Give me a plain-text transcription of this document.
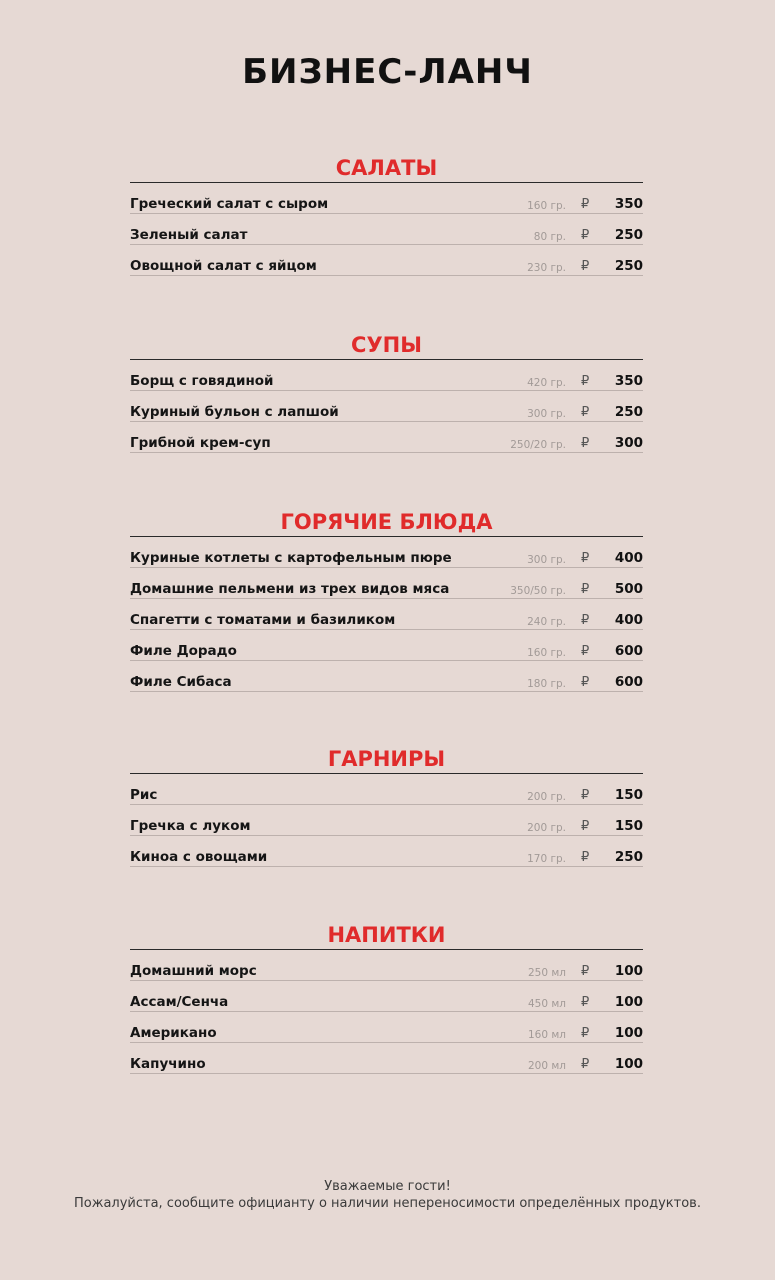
БИЗНЕС-ЛАНЧ
САЛАТЫ
Греческий салат с сыром	160 гр. ₽ 350
Зеленый салат	80 гр. ₽ 250
Овощной салат с яйцом	230 гр. ₽ 250
СУПЫ
Борщ с говядиной	420 гр. ₽ 350
Куриный бульон с лапшой	300 гр. ₽ 250
Грибной крем-суп	250/20 гр. ₽ 300
ГОРЯЧИЕ БЛЮДА
Куриные котлеты с картофельным пюре	300 гр. ₽ 400
Домашние пельмени из трех видов мяса	350/50 гр. ₽ 500
Спагетти с томатами и базиликом	240 гр. ₽ 400
Филе Дорадо	160 гр. ₽ 600
Филе Сибаса	180 гр. ₽ 600
ГАРНИРЫ
Рис	200 гр. ₽ 150
Гречка с луком	200 гр. ₽ 150
Киноа с овощами	170 гр. ₽ 250
НАПИТКИ
Домашний морс	250 мл ₽ 100
Ассам/Сенча	450 мл ₽ 100
Американо	160 мл ₽ 100
Капучино	200 мл ₽ 100
Уважаемые гости!
Пожалуйста, сообщите официанту о наличии непереносимости определённых продуктов.
